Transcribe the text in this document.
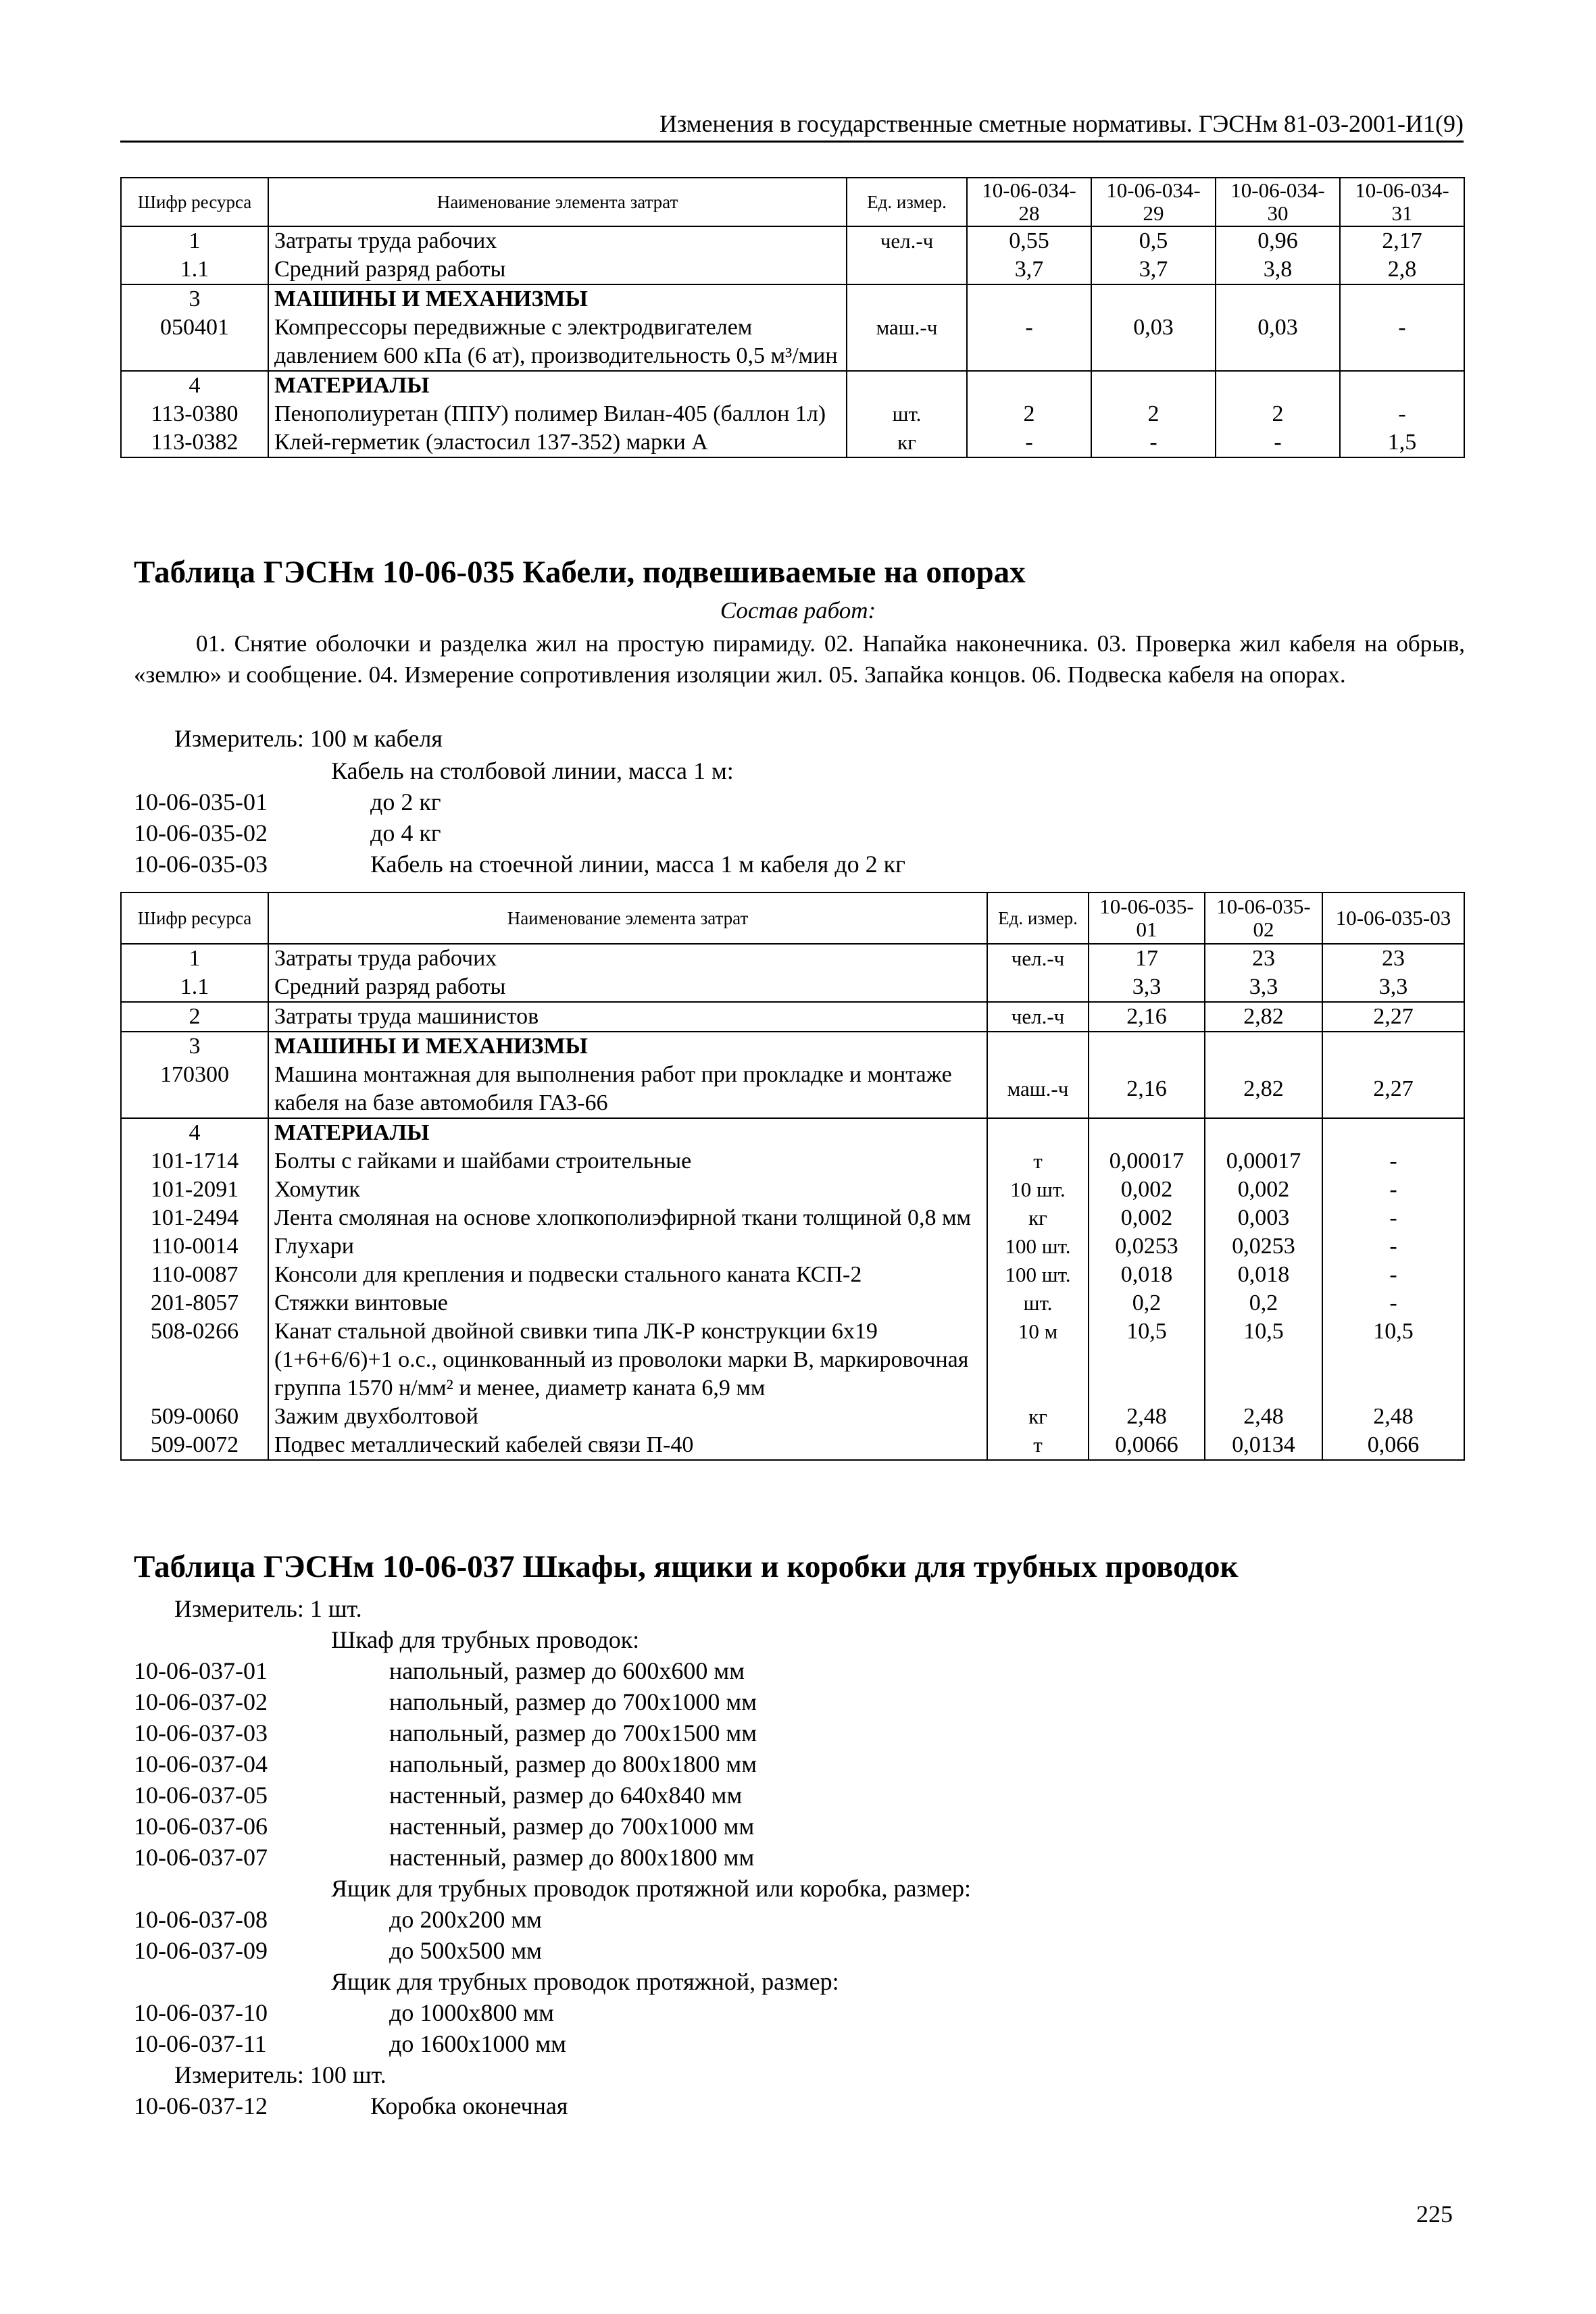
Изменения в государственные сметные нормативы. ГЭСНм 81-03-2001-И1(9)
Шифр ресурса	Наименование элемента затрат	Ед. измер.	10-06-034-28	10-06-034-29	10-06-034-30	10-06-034-31
1	Затраты труда рабочих	чел.-ч	0,55	0,5	0,96	2,17
1.1	Средний разряд работы		3,7	3,7	3,8	2,8
3	МАШИНЫ И МЕХАНИЗМЫ					
050401	Компрессоры передвижные с электродвигателем давлением 600 кПа (6 ат), производительность 0,5 м³/мин	маш.-ч	-	0,03	0,03	-
4	МАТЕРИАЛЫ					
113-0380	Пенополиуретан (ППУ) полимер Вилан-405 (баллон 1л)	шт.	2	2	2	-
113-0382	Клей-герметик (эластосил 137-352) марки А	кг	-	-	-	1,5
Таблица ГЭСНм 10-06-035 Кабели, подвешиваемые на опорах
Состав работ:
01. Снятие оболочки и разделка жил на простую пирамиду. 02. Напайка наконечника. 03. Проверка жил кабеля на обрыв, «землю» и сообщение. 04. Измерение сопротивления изоляции жил. 05. Запайка концов. 06. Подвеска кабеля на опорах.
Измеритель: 100 м кабеля
Кабель на столбовой линии, масса 1 м:
10-06-035-01	до 2 кг
10-06-035-02	до 4 кг
10-06-035-03	Кабель на стоечной линии, масса 1 м кабеля до 2 кг
Шифр ресурса	Наименование элемента затрат	Ед. измер.	10-06-035-01	10-06-035-02	10-06-035-03
1	Затраты труда рабочих	чел.-ч	17	23	23
1.1	Средний разряд работы		3,3	3,3	3,3
2	Затраты труда машинистов	чел.-ч	2,16	2,82	2,27
3	МАШИНЫ И МЕХАНИЗМЫ				
170300	Машина монтажная для выполнения работ при прокладке и монтаже кабеля на базе автомобиля ГАЗ-66	маш.-ч	2,16	2,82	2,27
4	МАТЕРИАЛЫ				
101-1714	Болты с гайками и шайбами строительные	т	0,00017	0,00017	-
101-2091	Хомутик	10 шт.	0,002	0,002	-
101-2494	Лента смоляная на основе хлопкополиэфирной ткани толщиной 0,8 мм	кг	0,002	0,003	-
110-0014	Глухари	100 шт.	0,0253	0,0253	-
110-0087	Консоли для крепления и подвески стального каната КСП-2	100 шт.	0,018	0,018	-
201-8057	Стяжки винтовые	шт.	0,2	0,2	-
508-0266	Канат стальной двойной свивки типа ЛК-Р конструкции 6х19 (1+6+6/6)+1 о.с., оцинкованный из проволоки марки В, маркировочная группа 1570 н/мм² и менее, диаметр каната 6,9 мм	10 м	10,5	10,5	10,5
509-0060	Зажим двухболтовой	кг	2,48	2,48	2,48
509-0072	Подвес металлический кабелей связи П-40	т	0,0066	0,0134	0,066
Таблица ГЭСНм 10-06-037 Шкафы, ящики и коробки для трубных проводок
Измеритель: 1 шт.
Шкаф для трубных проводок:
10-06-037-01	напольный, размер до 600х600 мм
10-06-037-02	напольный, размер до 700х1000 мм
10-06-037-03	напольный, размер до 700х1500 мм
10-06-037-04	напольный, размер до 800х1800 мм
10-06-037-05	настенный, размер до 640х840 мм
10-06-037-06	настенный, размер до 700х1000 мм
10-06-037-07	настенный, размер до 800х1800 мм
Ящик для трубных проводок протяжной или коробка, размер:
10-06-037-08	до 200х200 мм
10-06-037-09	до 500х500 мм
Ящик для трубных проводок протяжной, размер:
10-06-037-10	до 1000х800 мм
10-06-037-11	до 1600х1000 мм
Измеритель: 100 шт.
10-06-037-12	Коробка оконечная
225
